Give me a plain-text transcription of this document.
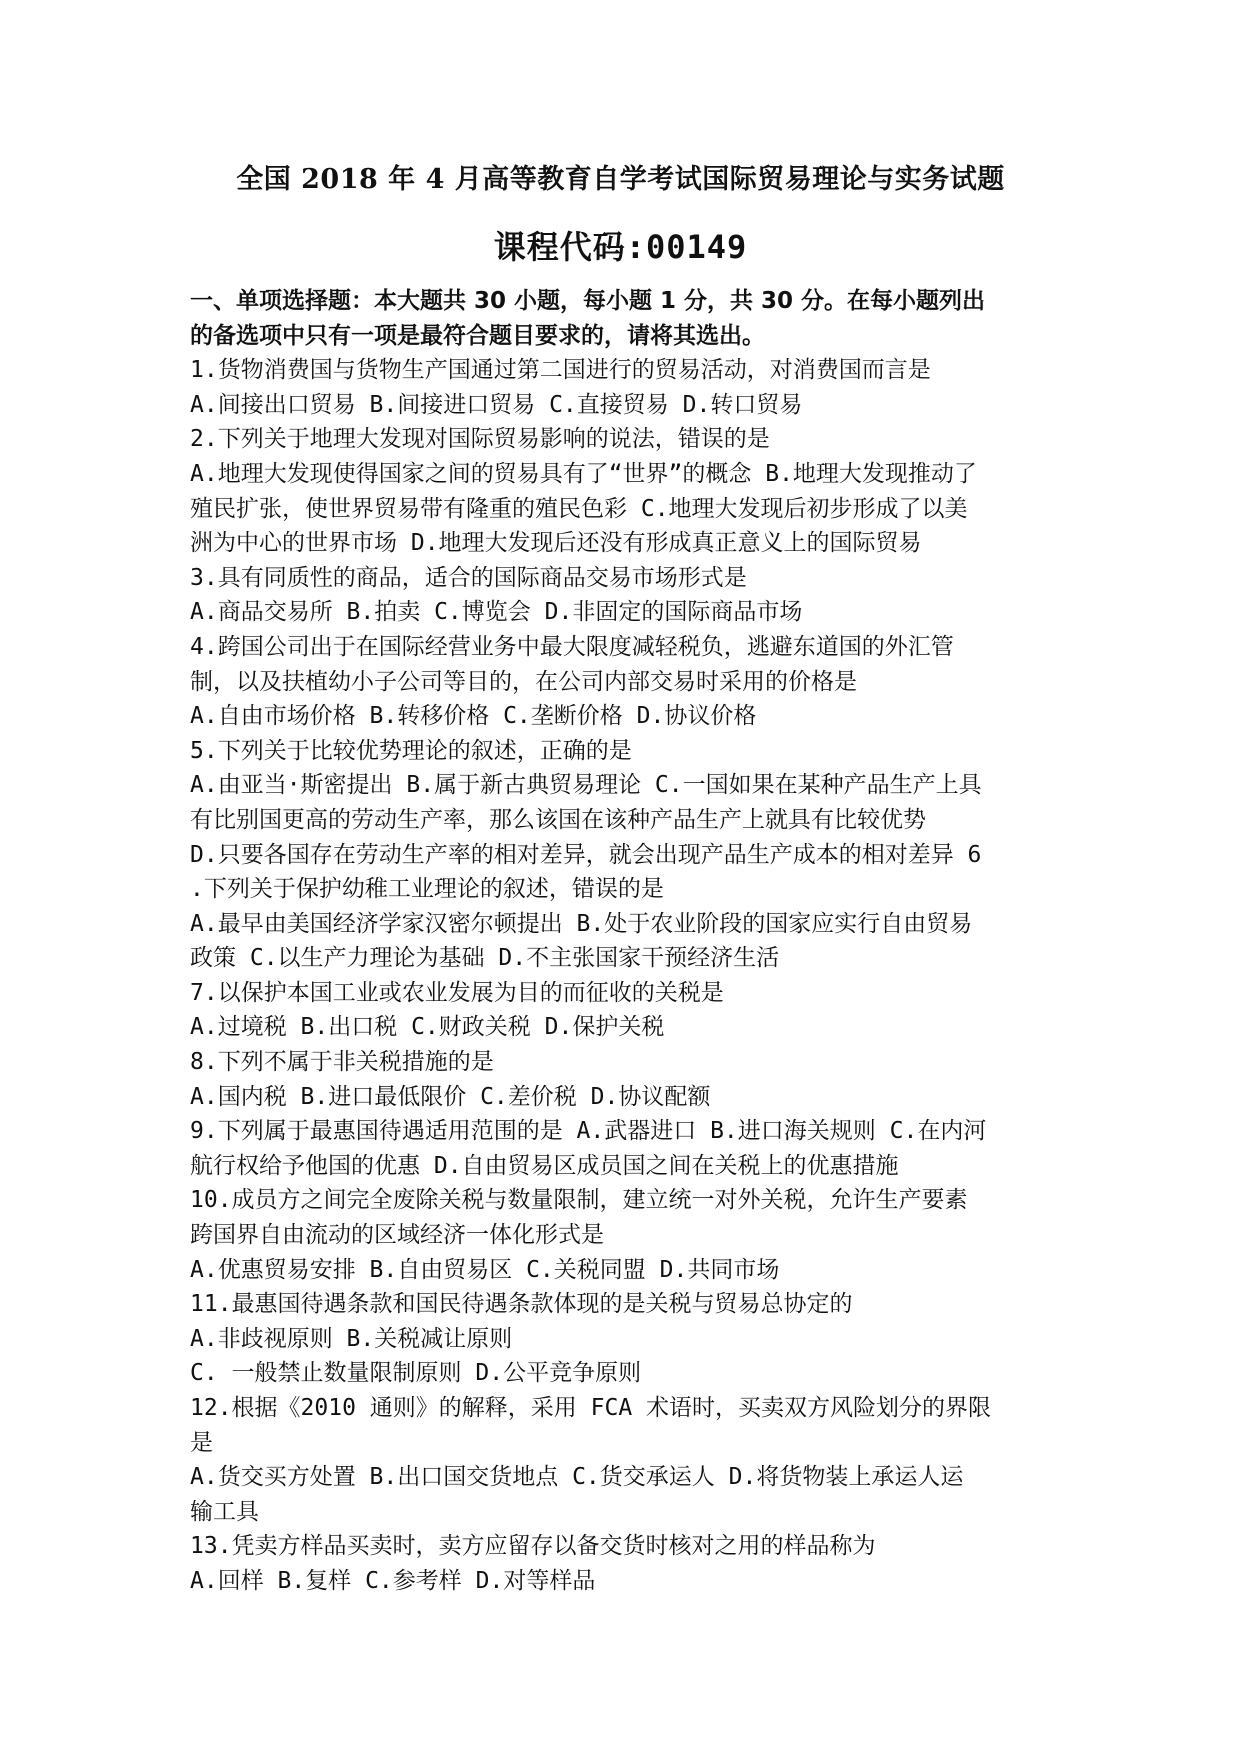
全国 2018 年 4 月高等教育自学考试国际贸易理论与实务试题
课程代码:00149
一、单项选择题：本大题共 30 小题，每小题 1 分，共 30 分。在每小题列出
的备选项中只有一项是最符合题目要求的，请将其选出。
1.货物消费国与货物生产国通过第二国进行的贸易活动，对消费国而言是
A.间接出口贸易 B.间接进口贸易 C.直接贸易 D.转口贸易
2.下列关于地理大发现对国际贸易影响的说法，错误的是
A.地理大发现使得国家之间的贸易具有了“世界”的概念 B.地理大发现推动了
殖民扩张，使世界贸易带有隆重的殖民色彩 C.地理大发现后初步形成了以美
洲为中心的世界市场 D.地理大发现后还没有形成真正意义上的国际贸易
3.具有同质性的商品，适合的国际商品交易市场形式是
A.商品交易所 B.拍卖 C.博览会 D.非固定的国际商品市场
4.跨国公司出于在国际经营业务中最大限度减轻税负，逃避东道国的外汇管
制，以及扶植幼小子公司等目的，在公司内部交易时采用的价格是
A.自由市场价格 B.转移价格 C.垄断价格 D.协议价格
5.下列关于比较优势理论的叙述，正确的是
A.由亚当·斯密提出 B.属于新古典贸易理论 C.一国如果在某种产品生产上具
有比别国更高的劳动生产率，那么该国在该种产品生产上就具有比较优势
D.只要各国存在劳动生产率的相对差异，就会出现产品生产成本的相对差异 6
.下列关于保护幼稚工业理论的叙述，错误的是
A.最早由美国经济学家汉密尔顿提出 B.处于农业阶段的国家应实行自由贸易
政策 C.以生产力理论为基础 D.不主张国家干预经济生活
7.以保护本国工业或农业发展为目的而征收的关税是
A.过境税 B.出口税 C.财政关税 D.保护关税
8.下列不属于非关税措施的是
A.国内税 B.进口最低限价 C.差价税 D.协议配额
9.下列属于最惠国待遇适用范围的是 A.武器进口 B.进口海关规则 C.在内河
航行权给予他国的优惠 D.自由贸易区成员国之间在关税上的优惠措施
10.成员方之间完全废除关税与数量限制，建立统一对外关税，允许生产要素
跨国界自由流动的区域经济一体化形式是
A.优惠贸易安排 B.自由贸易区 C.关税同盟 D.共同市场
11.最惠国待遇条款和国民待遇条款体现的是关税与贸易总协定的
A.非歧视原则 B.关税减让原则
C. 一般禁止数量限制原则 D.公平竞争原则
12.根据《2010 通则》的解释，采用 FCA 术语时，买卖双方风险划分的界限
是
A.货交买方处置 B.出口国交货地点 C.货交承运人 D.将货物装上承运人运
输工具
13.凭卖方样品买卖时，卖方应留存以备交货时核对之用的样品称为
A.回样 B.复样 C.参考样 D.对等样品
